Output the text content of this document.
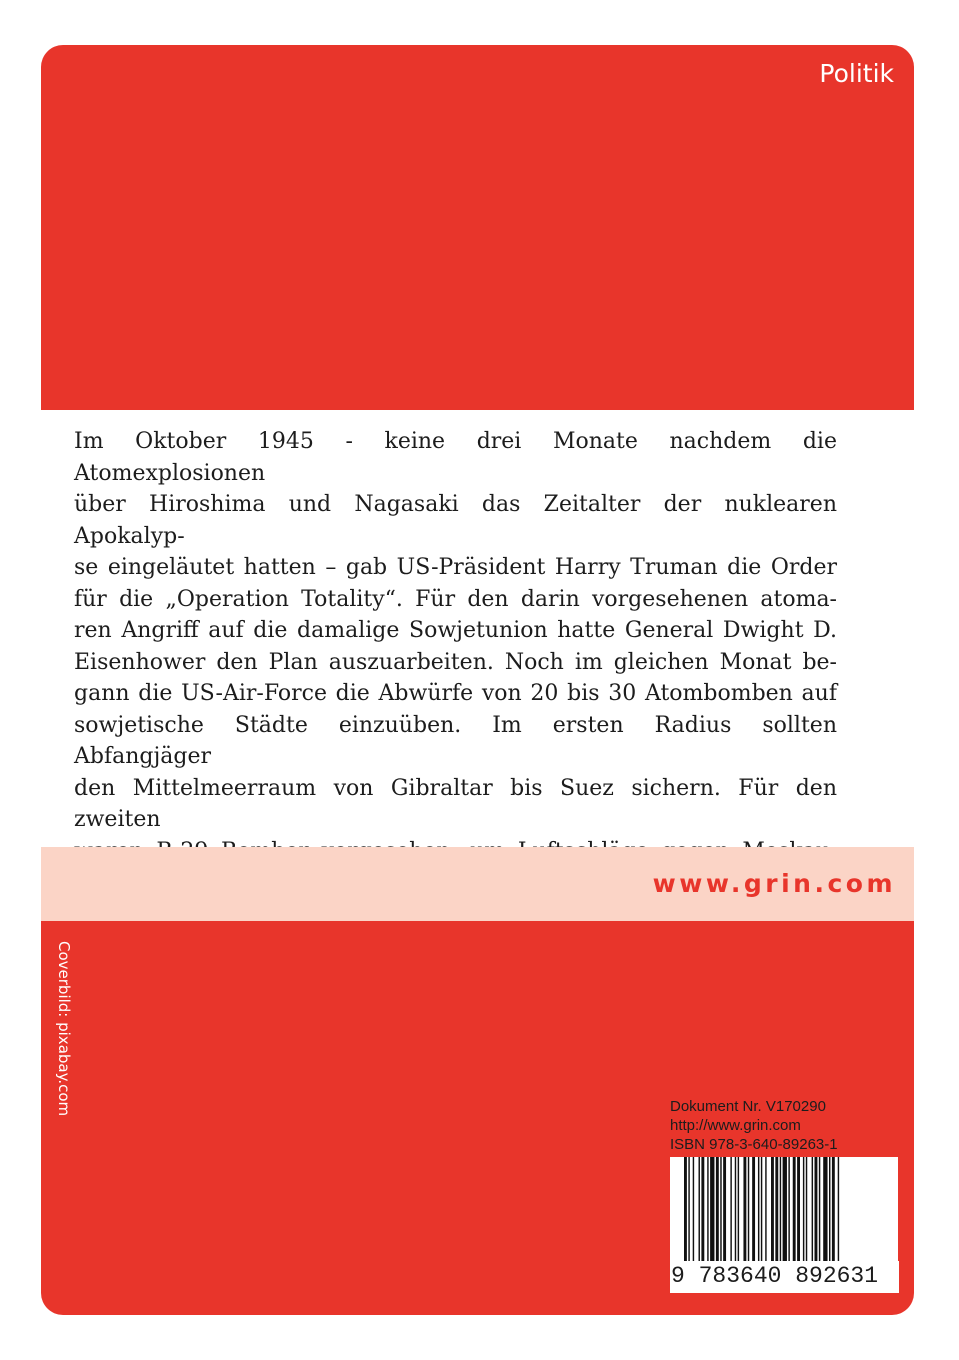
Politik
Im Oktober 1945 - keine drei Monate nachdem die Atomexplosionen
über Hiroshima und Nagasaki das Zeitalter der nuklearen Apokalyp-
se eingeläutet hatten – gab US-Präsident Harry Truman die Order
für die „Operation Totality“. Für den darin vorgesehenen atoma-
ren Angriff auf die damalige Sowjetunion hatte General Dwight D.
Eisenhower den Plan auszuarbeiten. Noch im gleichen Monat be-
gann die US-Air-Force die Abwürfe von 20 bis 30 Atombomben auf
sowjetische Städte einzuüben. Im ersten Radius sollten Abfangjäger
den Mittelmeerraum von Gibraltar bis Suez sichern. Für den zweiten
www.grin.com
Coverbild: pixabay.com	Dokument Nr. V170290
http://www.grin.com
ISBN 978-3-640-89263-1
9 783640 892631
